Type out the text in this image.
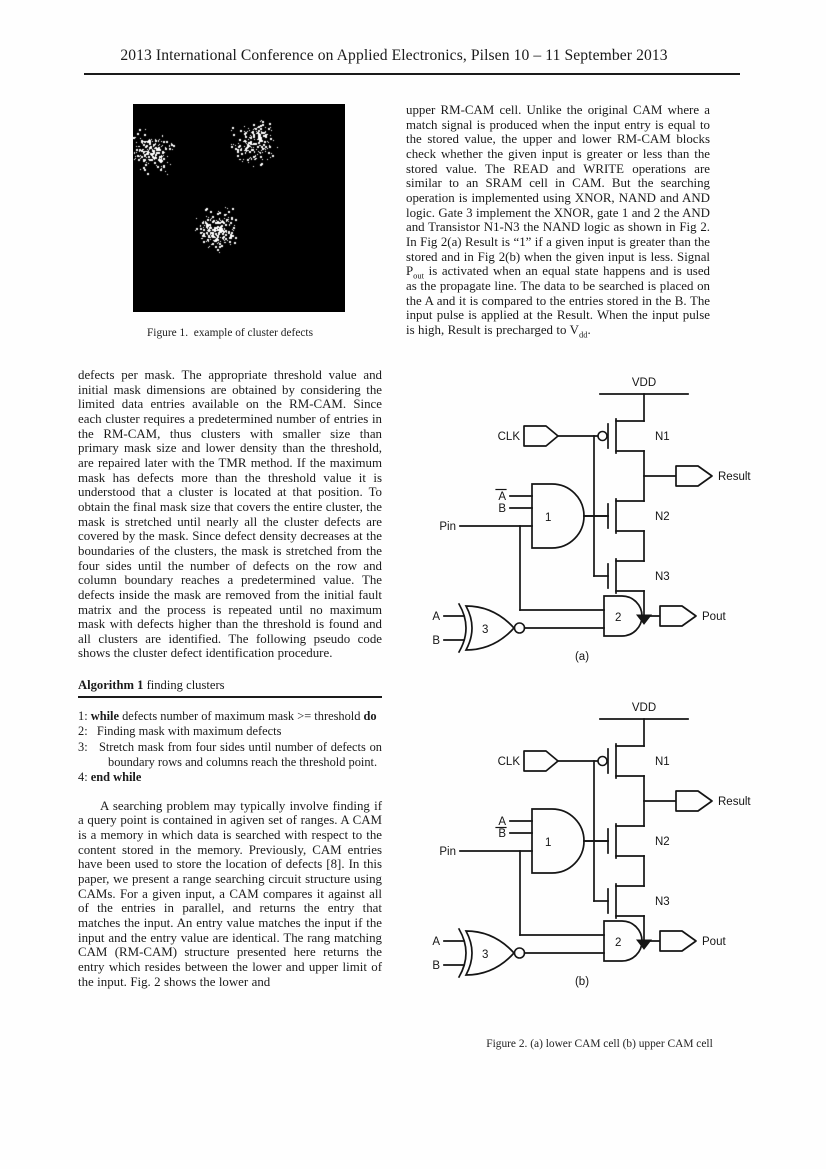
2013 International Conference on Applied Electronics, Pilsen 10 – 11 September 2013
Figure 1.  example of cluster defects
defects per mask. The appropriate threshold value and initial mask dimensions are obtained by considering the limited data entries available on the RM-CAM. Since each cluster requires a predetermined number of entries in the RM-CAM, thus clusters with smaller size than primary mask size and lower density than the threshold, are repaired later with the TMR method. If the maximum mask has defects more than the threshold value it is understood that a cluster is located at that position. To obtain the final mask size that covers the entire cluster, the mask is stretched until nearly all the cluster defects are covered by the mask. Since defect density decreases at the boundaries of the clusters, the mask is stretched from the four sides until the number of defects on the row and column boundary reaches a predetermined value. The defects inside the mask are removed from the initial fault matrix and the process is repeated until no maximum mask with defects higher than the threshold is found and all clusters are identified. The following pseudo code shows the cluster defect identification procedure.
Algorithm 1 finding clusters
1: while defects number of maximum mask >= threshold do
2:   Finding mask with maximum defects
3:   Stretch mask from four sides until number of defects on boundary rows and columns reach the threshold point.
4: end while
A searching problem may typically involve finding if a query point is contained in agiven set of ranges. A CAM is a memory in which data is searched with respect to the content stored in the memory. Previously, CAM entries have been used to store the location of defects [8]. In this paper, we present a range searching circuit structure using CAMs. For a given input, a CAM compares it against all of the entries in parallel, and returns the entry that matches the input. An entry value matches the input if the input and the entry value are identical. The rang matching CAM (RM-CAM) structure presented here returns the entry which resides between the lower and upper limit of the input. Fig. 2 shows the lower and
upper RM-CAM cell. Unlike the original CAM where a match signal is produced when the input entry is equal to the stored value, the upper and lower RM-CAM blocks check whether the given input is greater or less than the stored value. The READ and WRITE operations are similar to an SRAM cell in CAM. But the searching operation is implemented using XNOR, NAND and AND logic. Gate 3 implement the XNOR, gate 1 and 2 the AND and Transistor N1-N3 the NAND logic as shown in Fig 2. In Fig 2(a) Result is “1” if a given input is greater than the stored and in Fig 2(b) when the given input is less. Signal $P_{out}$ is activated when an equal state happens and is used as the propagate line. The data to be searched is placed on the A and it is compared to the entries stored in the B. The input pulse is applied at the Result. When the input pulse is high, Result is precharged to $V_{dd}$.
VDD
CLK	N1
Result
N2
N3
1
A
B
Pin
3
A
B
2	Pout
(a)
VDD
CLK	N1
Result
N2
N3
1
A
B
Pin
3
A
B
2	Pout
(b)
Figure 2. (a) lower CAM cell (b) upper CAM cell
